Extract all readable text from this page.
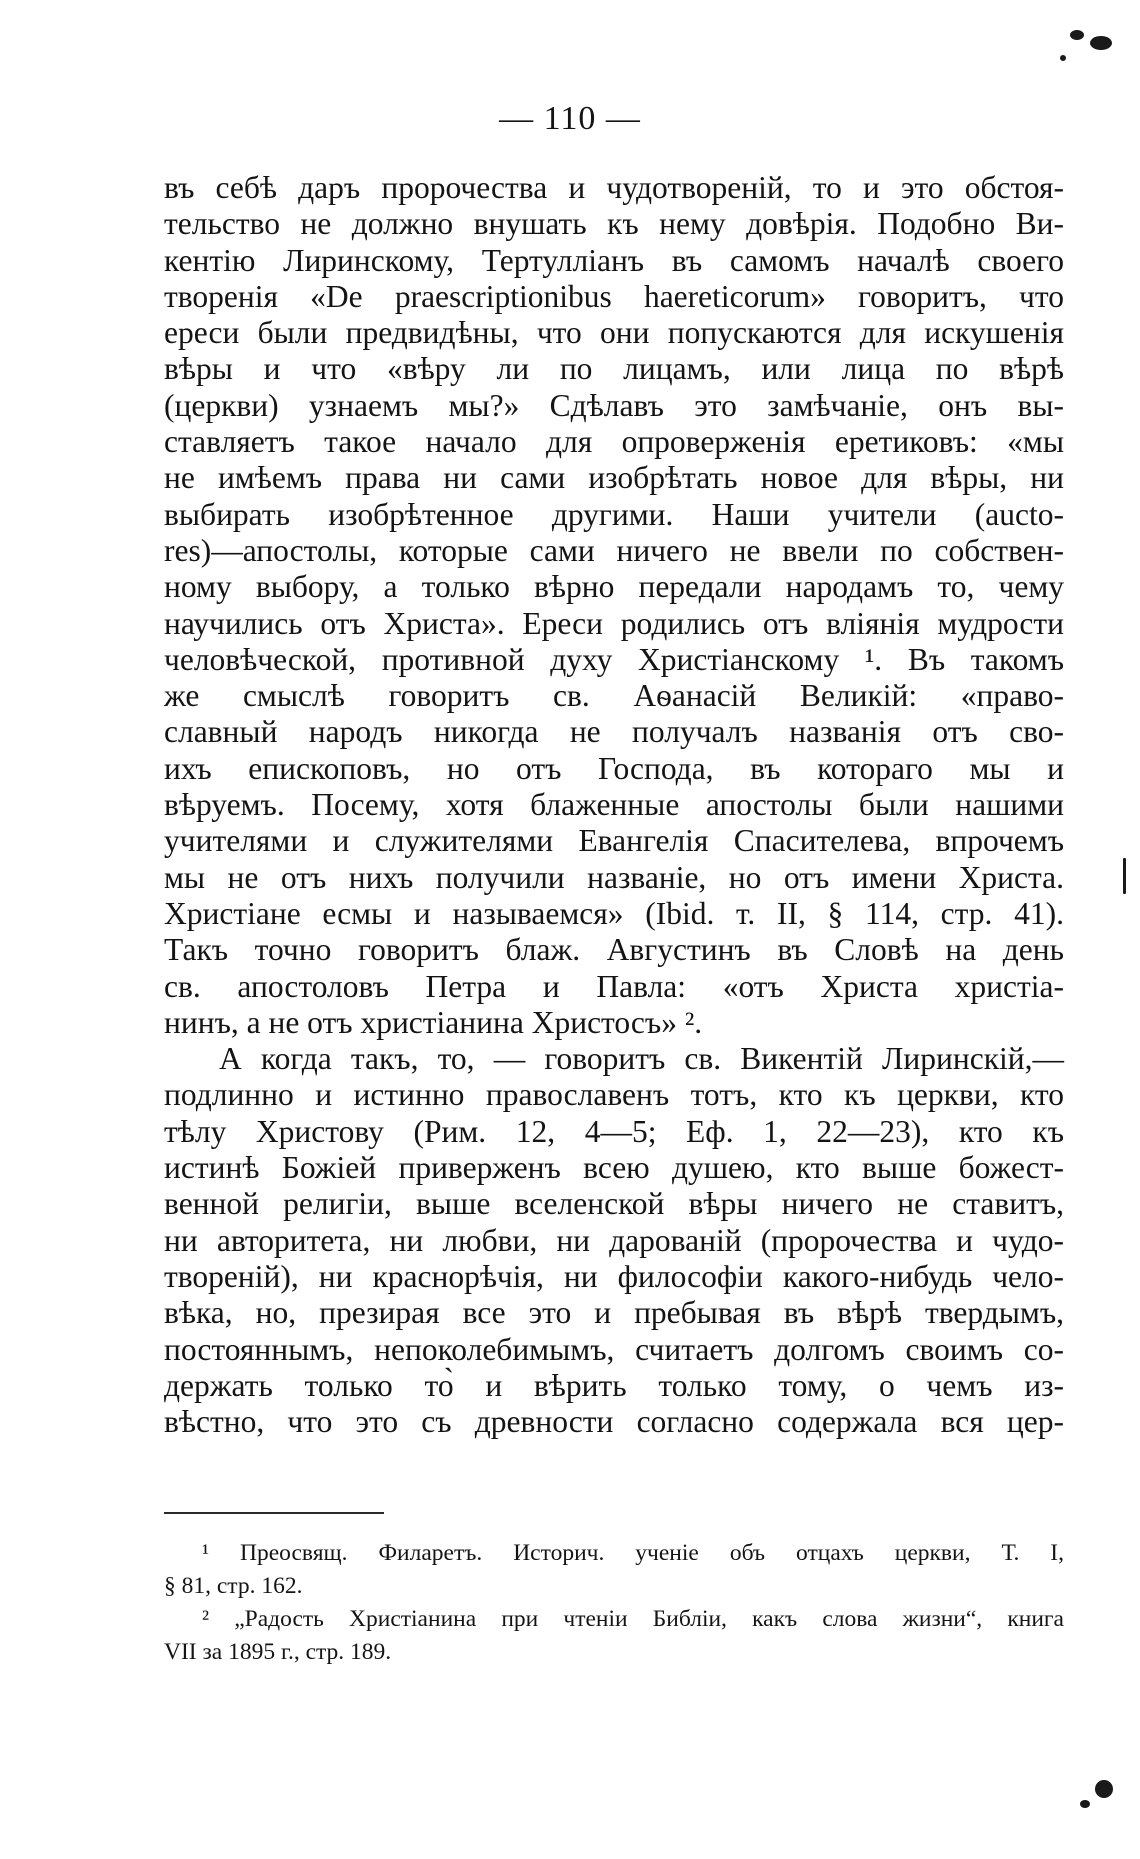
— 110 —
въ себѣ даръ пророчества и чудотвореній, то и это обстоя-
тельство не должно внушать къ нему довѣрія. Подобно Ви-
кентію Лиринскому, Тертулліанъ въ самомъ началѣ своего
творенія «De praescriptionibus haereticorum» говоритъ, что
ереси были предвидѣны, что они попускаются для искушенія
вѣры и что «вѣру ли по лицамъ, или лица по вѣрѣ
(церкви) узнаемъ мы?» Сдѣлавъ это замѣчаніе, онъ вы-
ставляетъ такое начало для опроверженія еретиковъ: «мы
не имѣемъ права ни сами изобрѣтать новое для вѣры, ни
выбирать изобрѣтенное другими. Наши учители (aucto-
res)—апостолы, которые сами ничего не ввели по собствен-
ному выбору, а только вѣрно передали народамъ то, чему
научились отъ Христа». Ереси родились отъ вліянія мудрости
человѣческой, противной духу Христіанскому ¹. Въ такомъ
же смыслѣ говоритъ св. Аѳанасій Великій: «право-
славный народъ никогда не получалъ названія отъ сво-
ихъ епископовъ, но отъ Господа, въ котораго мы и
вѣруемъ. Посему, хотя блаженные апостолы были нашими
учителями и служителями Евангелія Спасителева, впрочемъ
мы не отъ нихъ получили названіе, но отъ имени Христа.
Христіане есмы и называемся» (Ibid. т. II, § 114, стр. 41).
Такъ точно говоритъ блаж. Августинъ въ Словѣ на день
св. апостоловъ Петра и Павла: «отъ Христа христіа-
нинъ, а не отъ христіанина Христосъ» ².
А когда такъ, то, — говоритъ св. Викентій Лиринскій,—
подлинно и истинно православенъ тотъ, кто къ церкви, кто
тѣлу Христову (Рим. 12, 4—5; Еф. 1, 22—23), кто къ
истинѣ Божіей приверженъ всею душею, кто выше божест-
венной религіи, выше вселенской вѣры ничего не ставитъ,
ни авторитета, ни любви, ни дарованій (пророчества и чудо-
твореній), ни краснорѣчія, ни философіи какого-нибудь чело-
вѣка, но, презирая все это и пребывая въ вѣрѣ твердымъ,
постояннымъ, непоколебимымъ, считаетъ долгомъ своимъ со-
держать только то̀ и вѣрить только тому, о чемъ из-
вѣстно, что это съ древности согласно содержала вся цер-
¹ Преосвящ. Филаретъ. Историч. ученіе объ отцахъ церкви, Т. I,
§ 81, стр. 162.
² „Радость Христіанина при чтеніи Библіи, какъ слова жизни“, книга
VII за 1895 г., стр. 189.
